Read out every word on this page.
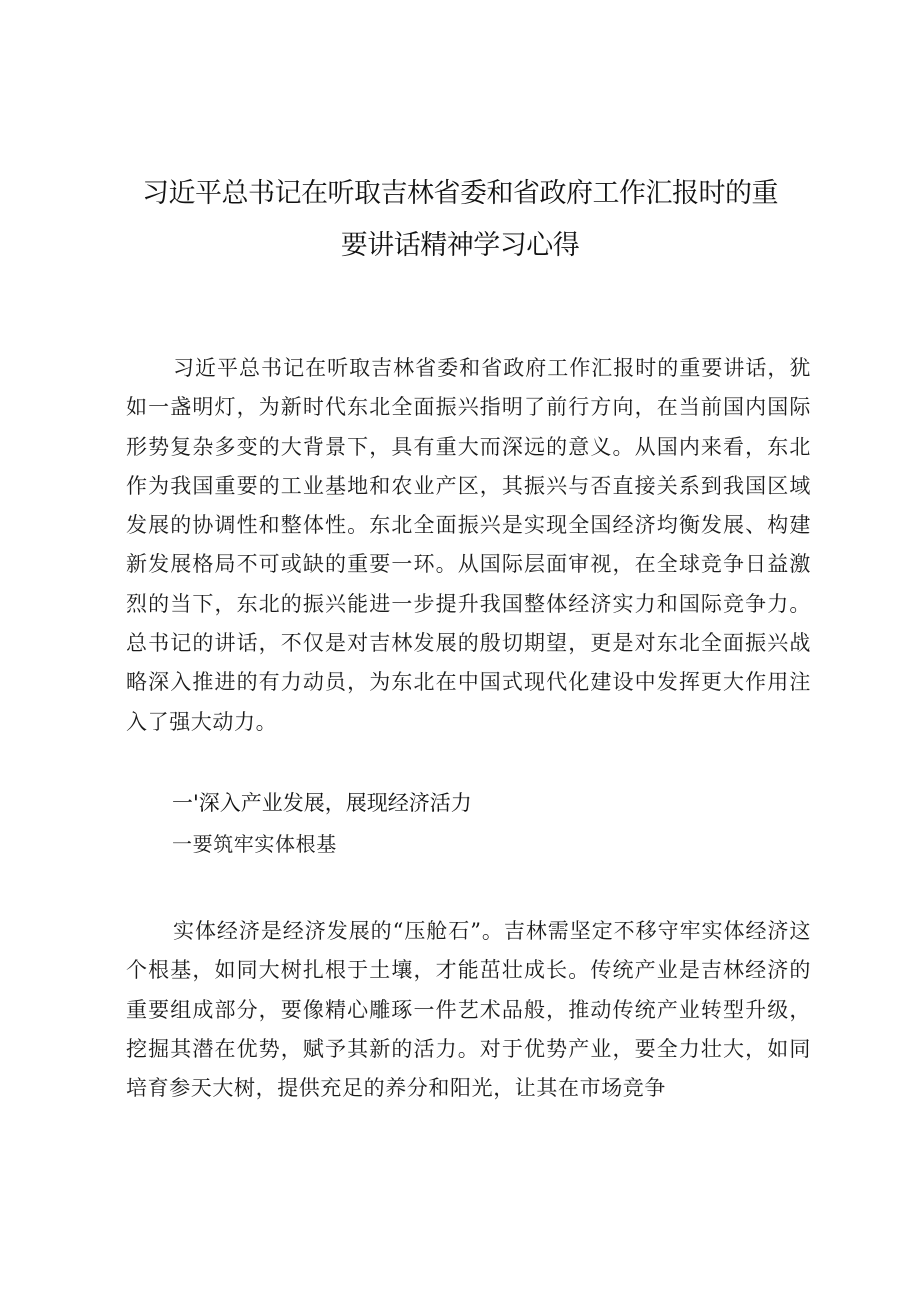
习近平总书记在听取吉林省委和省政府工作汇报时的重
要讲话精神学习心得

习近平总书记在听取吉林省委和省政府工作汇报时的重要讲话，犹如一盏明灯，为新时代东北全面振兴指明了前行方向，在当前国内国际形势复杂多变的大背景下，具有重大而深远的意义。从国内来看，东北作为我国重要的工业基地和农业产区，其振兴与否直接关系到我国区域发展的协调性和整体性。东北全面振兴是实现全国经济均衡发展、构建新发展格局不可或缺的重要一环。从国际层面审视，在全球竞争日益激烈的当下，东北的振兴能进一步提升我国整体经济实力和国际竞争力。总书记的讲话，不仅是对吉林发展的殷切期望，更是对东北全面振兴战略深入推进的有力动员，为东北在中国式现代化建设中发挥更大作用注入了强大动力。

一'深入产业发展，展现经济活力

一要筑牢实体根基

实体经济是经济发展的“压舱石”。吉林需坚定不移守牢实体经济这个根基，如同大树扎根于土壤，才能茁壮成长。传统产业是吉林经济的重要组成部分，要像精心雕琢一件艺术品般，推动传统产业转型升级，挖掘其潜在优势，赋予其新的活力。对于优势产业，要全力壮大，如同培育参天大树，提供充足的养分和阳光，让其在市场竞争
